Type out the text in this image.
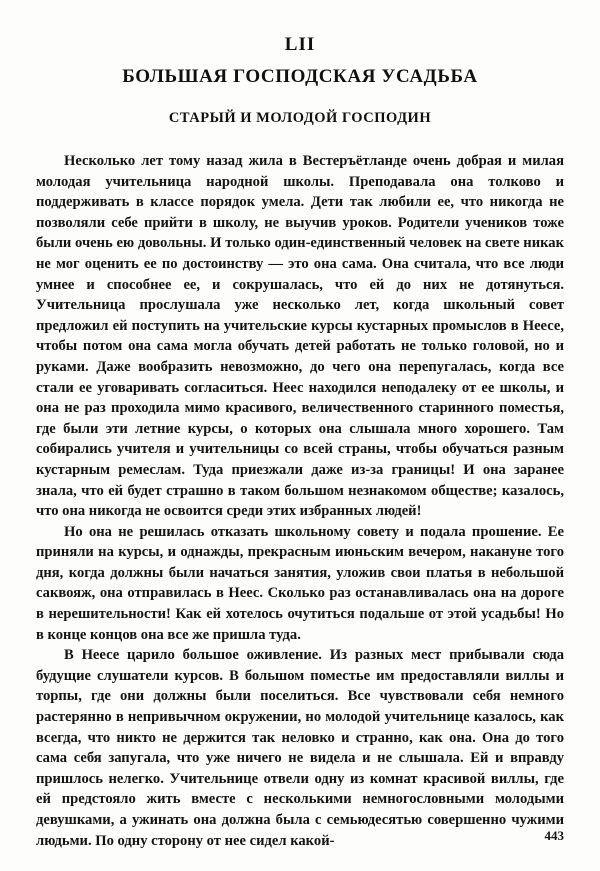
LII
БОЛЬШАЯ ГОСПОДСКАЯ УСАДЬБА
СТАРЫЙ И МОЛОДОЙ ГОСПОДИН

Несколько лет тому назад жила в Вестеръётланде очень добрая и милая молодая учительница народной школы. Преподавала она толково и поддерживать в классе порядок умела. Дети так любили ее, что никогда не позволяли себе прийти в школу, не выучив уроков. Родители учеников тоже были очень ею довольны. И только один-единственный человек на свете никак не мог оценить ее по достоинству — это она сама. Она считала, что все люди умнее и способнее ее, и сокрушалась, что ей до них не дотянуться. Учительница прослушала уже несколько лет, когда школьный совет предложил ей поступить на учительские курсы кустарных промыслов в Неесе, чтобы потом она сама могла обучать детей работать не только головой, но и руками. Даже вообразить невозможно, до чего она перепугалась, когда все стали ее уговаривать согласиться. Неес находился неподалеку от ее школы, и она не раз проходила мимо красивого, величественного старинного поместья, где были эти летние курсы, о которых она слышала много хорошего. Там собирались учителя и учительницы со всей страны, чтобы обучаться разным кустарным ремеслам. Туда приезжали даже из-за границы! И она заранее знала, что ей будет страшно в таком большом незнакомом обществе; казалось, что она никогда не освоится среди этих избранных людей!

Но она не решилась отказать школьному совету и подала прошение. Ее приняли на курсы, и однажды, прекрасным июньским вечером, накануне того дня, когда должны были начаться занятия, уложив свои платья в небольшой саквояж, она отправилась в Неес. Сколько раз останавливалась она на дороге в нерешительности! Как ей хотелось очутиться подальше от этой усадьбы! Но в конце концов она все же пришла туда.

В Неесе царило большое оживление. Из разных мест прибывали сюда будущие слушатели курсов. В большом поместье им предоставляли виллы и торпы, где они должны были поселиться. Все чувствовали себя немного растерянно в непривычном окружении, но молодой учительнице казалось, как всегда, что никто не держится так неловко и странно, как она. Она до того сама себя запугала, что уже ничего не видела и не слышала. Ей и вправду пришлось нелегко. Учительнице отвели одну из комнат красивой виллы, где ей предстояло жить вместе с несколькими немногословными молодыми девушками, а ужинать она должна была с семьюдесятью совершенно чужими людьми. По одну сторону от нее сидел какой-	443
